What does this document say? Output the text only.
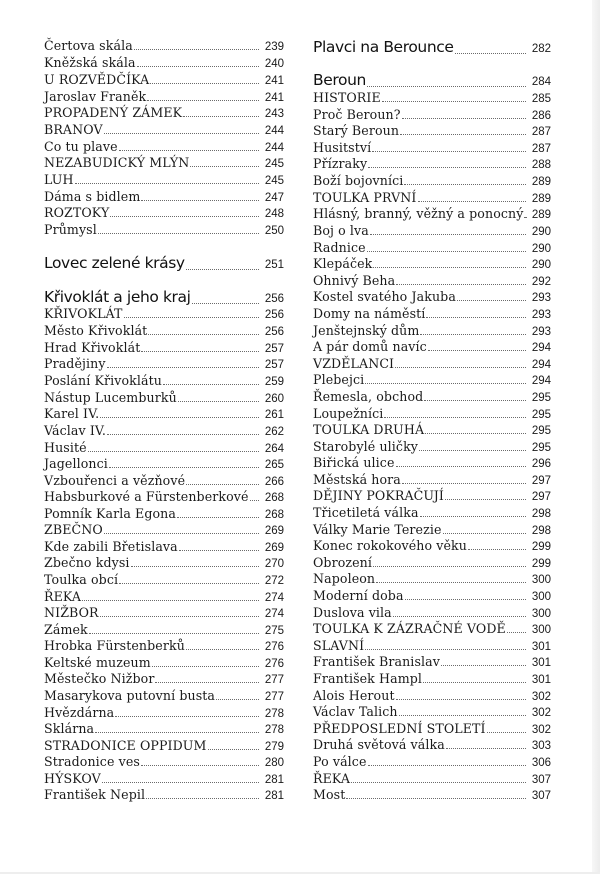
Čertova skála	239
Kněžská skála	240
U ROZVĚDČÍKA	241
Jaroslav Franěk	241
PROPADENÝ ZÁMEK	243
BRANOV	244
Co tu plave	244
NEZABUDICKÝ MLÝN	245
LUH	245
Dáma s bidlem	247
ROZTOKY	248
Průmysl	250
Lovec zelené krásy	251
Křivoklát a jeho kraj	256
KŘIVOKLÁT	256
Město Křivoklát	256
Hrad Křivoklát	257
Pradějiny	257
Poslání Křivoklátu	259
Nástup Lucemburků	260
Karel IV.	261
Václav IV.	262
Husité	264
Jagellonci	265
Vzbouřenci a vězňové	266
Habsburkové a Fürstenberkové 268
Pomník Karla Egona	268
ZBEČNO	269
Kde zabili Břetislava	269
Zbečno kdysi	270
Toulka obcí	272
ŘEKA	274
NIŽBOR	274
Zámek	275
Hrobka Fürstenberků	276
Keltské muzeum	276
Městečko Nižbor	277
Masarykova putovní busta	277
Hvězdárna	278
Sklárna	278
STRADONICE OPPIDUM	279
Stradonice ves	280
HÝSKOV	281
František Nepil	281
Plavci na Berounce	282
Beroun	284
HISTORIE	285
Proč Beroun?	286
Starý Beroun	287
Husitství	287
Přízraky	288
Boží bojovníci	289
TOULKA PRVNÍ	289
Hlásný, branný, věžný a ponocný 289
Boj o lva	290
Radnice	290
Klepáček	290
Ohnivý Beha	292
Kostel svatého Jakuba	293
Domy na náměstí	293
Jenštejnský dům	293
A pár domů navíc	294
VZDĚLANCI	294
Plebejci	294
Řemesla, obchod	295
Loupežníci	295
TOULKA DRUHÁ	295
Starobylé uličky	295
Biřická ulice	296
Městská hora	297
DĚJINY POKRAČUJÍ	297
Třicetiletá válka	298
Války Marie Terezie	298
Konec rokokového věku	299
Obrození	299
Napoleon	300
Moderní doba	300
Duslova vila	300
TOULKA K ZÁZRAČNÉ VODĚ 300
SLAVNÍ	301
František Branislav	301
František Hampl	301
Alois Herout	302
Václav Talich	302
PŘEDPOSLEDNÍ STOLETÍ	302
Druhá světová válka	303
Po válce	306
ŘEKA	307
Most	307
